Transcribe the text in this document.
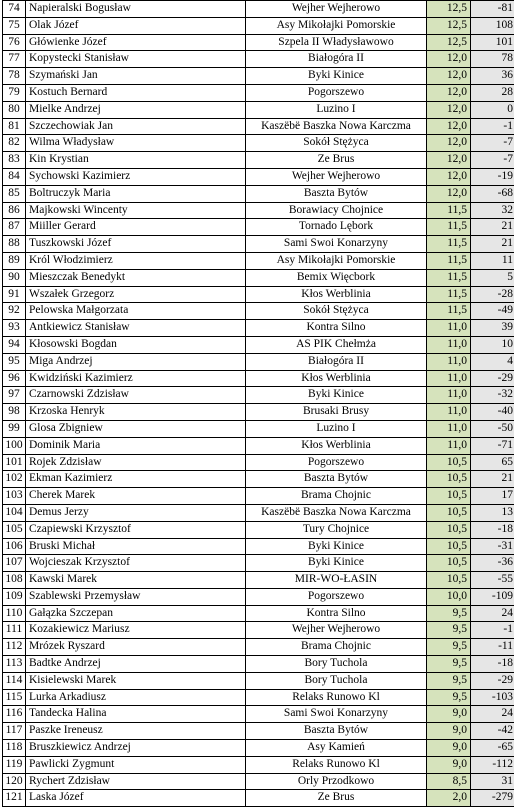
74	Napieralski Bogusław	Wejher Wejherowo	12,5	-81
75	Olak Józef	Asy Mikołajki Pomorskie	12,5	108
76	Główienke Józef	Szpela II Władysławowo	12,5	101
77	Kopystecki Stanisław	Białogóra II	12,0	78
78	Szymański Jan	Byki Kinice	12,0	36
79	Kostuch Bernard	Pogorszewo	12,0	28
80	Mielke Andrzej	Luzino I	12,0	0
81	Szczechowiak Jan	Kaszëbë Baszka Nowa Karczma	12,0	-1
82	Wilma Władysław	Sokół Stężyca	12,0	-7
83	Kin Krystian	Ze Brus	12,0	-7
84	Sychowski Kazimierz	Wejher Wejherowo	12,0	-19
85	Boltruczyk Maria	Baszta Bytów	12,0	-68
86	Majkowski Wincenty	Borawiacy Chojnice	11,5	32
87	Miiller Gerard	Tornado Lębork	11,5	21
88	Tuszkowski Józef	Sami Swoi Konarzyny	11,5	21
89	Król Włodzimierz	Asy Mikołajki Pomorskie	11,5	11
90	Mieszczak Benedykt	Bemix Więcbork	11,5	5
91	Wszałek Grzegorz	Kłos Werblinia	11,5	-28
92	Pelowska Małgorzata	Sokół Stężyca	11,5	-49
93	Antkiewicz Stanisław	Kontra Silno	11,0	39
94	Kłosowski Bogdan	AS PIK Chełmża	11,0	10
95	Miga Andrzej	Białogóra II	11,0	4
96	Kwidziński Kazimierz	Kłos Werblinia	11,0	-29
97	Czarnowski Zdzisław	Byki Kinice	11,0	-32
98	Krzoska Henryk	Brusaki Brusy	11,0	-40
99	Glosa Zbigniew	Luzino I	11,0	-50
100	Dominik Maria	Kłos Werblinia	11,0	-71
101	Rojek Zdzisław	Pogorszewo	10,5	65
102	Ekman Kazimierz	Baszta Bytów	10,5	21
103	Cherek Marek	Brama Chojnic	10,5	17
104	Demus Jerzy	Kaszëbë Baszka Nowa Karczma	10,5	13
105	Czapiewski Krzysztof	Tury Chojnice	10,5	-18
106	Bruski Michał	Byki Kinice	10,5	-31
107	Wojcieszak Krzysztof	Byki Kinice	10,5	-36
108	Kawski Marek	MIR-WO-ŁASIN	10,5	-55
109	Szablewski Przemysław	Pogorszewo	10,0	-109
110	Gałązka Szczepan	Kontra Silno	9,5	24
111	Kozakiewicz Mariusz	Wejher Wejherowo	9,5	-1
112	Mrózek Ryszard	Brama Chojnic	9,5	-11
113	Badtke Andrzej	Bory Tuchola	9,5	-18
114	Kisielewski Marek	Bory Tuchola	9,5	-29
115	Lurka Arkadiusz	Relaks Runowo Kl	9,5	-103
116	Tandecka Halina	Sami Swoi Konarzyny	9,0	24
117	Paszke Ireneusz	Baszta Bytów	9,0	-42
118	Bruszkiewicz Andrzej	Asy Kamień	9,0	-65
119	Pawlicki Zygmunt	Relaks Runowo Kl	9,0	-112
120	Rychert Zdzisław	Orly Przodkowo	8,5	31
121	Laska Józef	Ze Brus	2,0	-279
